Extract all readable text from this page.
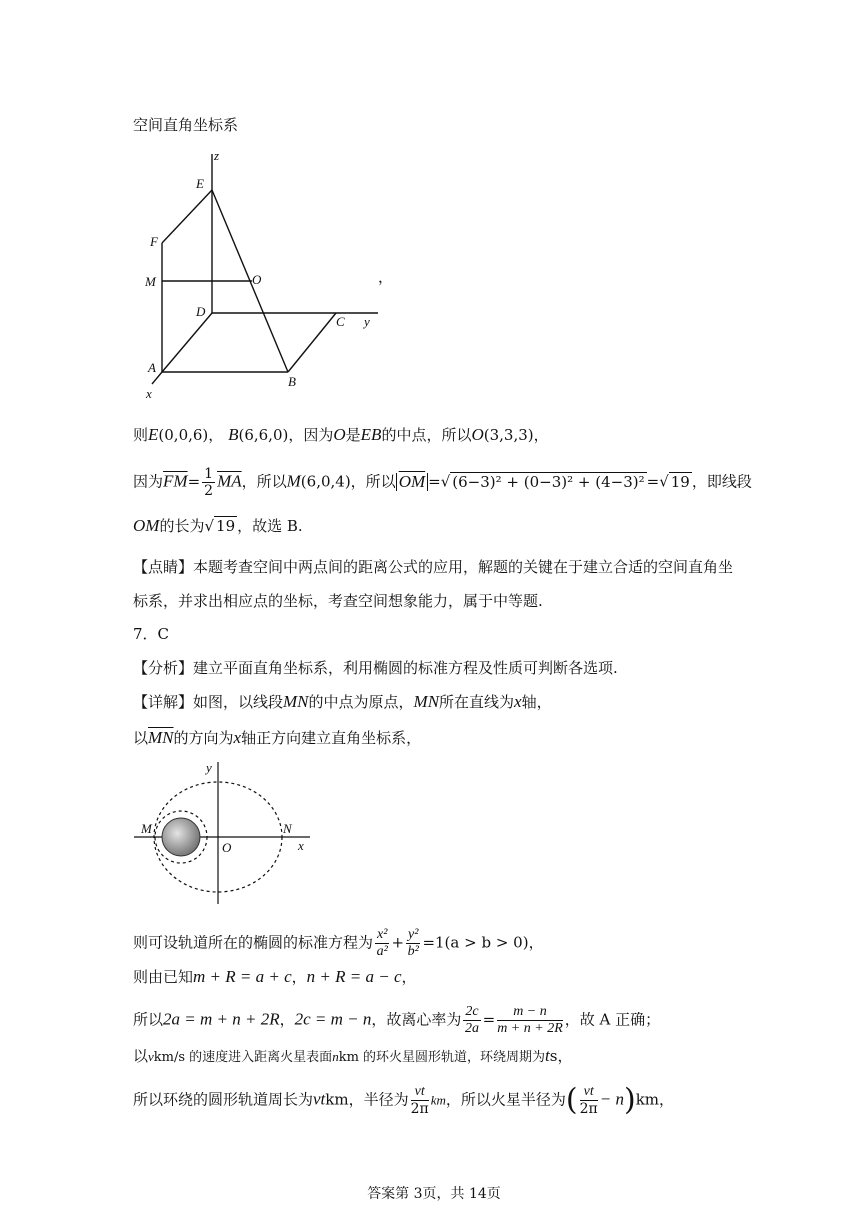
空间直角坐标系
z
E
F
M	O
D
C y
A
x
B
，
则E(0,0,6)， B(6,6,0)，因为O是EB的中点，所以O(3,3,3)，
因为$\overline{FM}= \frac{1}{2} \overline{MA}$，所以M(6,0,4)，所以 $\overline{OM}$ =√ (6−3)² + (0−3)² + (4−3)² =√ 19 ，即线段
OM的长为√ 19 ，故选 B.
【点睛】本题考查空间中两点间的距离公式的应用，解题的关键在于建立合适的空间直角坐
标系，并求出相应点的坐标，考查空间想象能力，属于中等题.
7．C
【分析】建立平面直角坐标系，利用椭圆的标准方程及性质可判断各选项.
【详解】如图，以线段MN的中点为原点，MN所在直线为x轴，
以$\overline{MN}$的方向为x轴正方向建立直角坐标系，
y
M	N
O	x
则可设轨道所在的椭圆的标准方程为 $\frac{\text{x²}}{\text{a²}} + \frac{\text{y²}}{\text{b²}} =1(a > b > 0)$，
则由已知m + R = a + c，n + R = a − c，
所以2a = m + n + 2R，2c = m − n，故离心率为 $\frac{2c}{2a} = \frac{m - n}{m + n + 2R}$ ，故 A 正确；
以vkm/s 的速度进入距离火星表面nkm 的环火星圆形轨道，环绕周期为ts，
所以环绕的圆形轨道周长为vtkm，半径为 $\frac{vt}{2\pi}$ km，所以火星半径为( $\frac{vt}{2\pi} - n)km$，
答案第 3页，共 14页
